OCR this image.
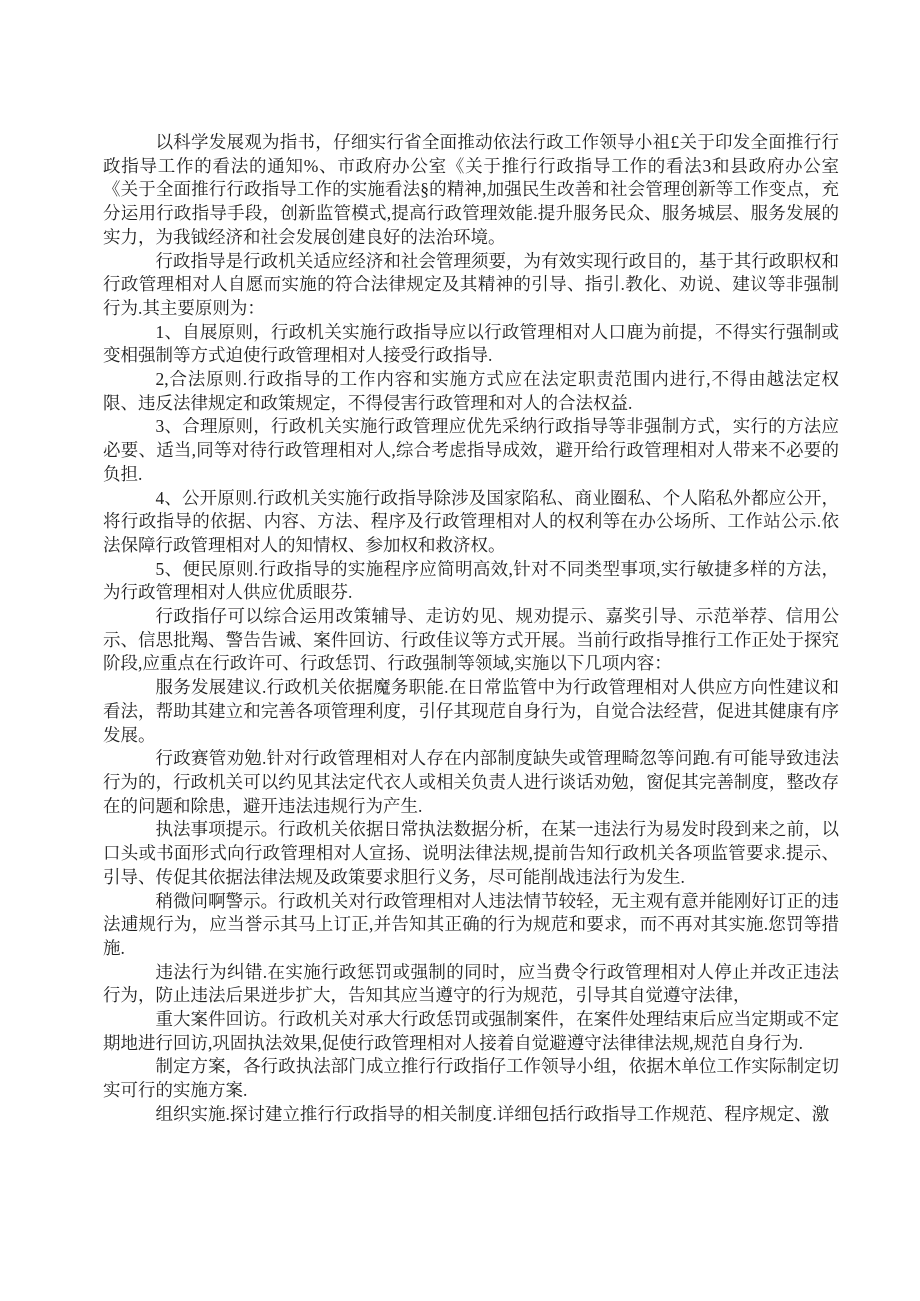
以科学发展观为指书，仔细实行省全面推动依法行政工作领导小祖£关于印发全面推行行政指导工作的看法的通知%、市政府办公室《关于推行行政指导工作的看法3和县政府办公室《关于全面推行行政指导工作的实施看法§的精神,加强民生改善和社会管理创新等工作变点，充分运用行政指导手段，创新监管模式,提高行政管理效能.提升服务民众、服务城层、服务发展的实力，为我钺经济和社会发展创建良好的法治环境。

行政指导是行政机关适应经济和社会管理须要，为有效实现行政目的，基于其行政职权和行政管理相对人自愿而实施的符合法律规定及其精神的引导、指引.教化、劝说、建议等非强制行为.其主要原则为：

1、自展原则，行政机关实施行政指导应以行政管理相对人口鹿为前提，不得实行强制或变相强制等方式迫使行政管理相对人接受行政指导.

2,合法原则.行政指导的工作内容和实施方式应在法定职责范围内进行,不得由越法定权限、违反法律规定和政策规定，不得侵害行政管理和对人的合法权益.

3、合理原则，行政机关实施行政管理应优先采纳行政指导等非强制方式，实行的方法应必要、适当,同等对待行政管理相对人,综合考虑指导成效，避开给行政管理相对人带来不必要的负担.

4、公开原则.行政机关实施行政指导除涉及国家陷私、商业圈私、个人陷私外都应公开，将行政指导的依据、内容、方法、程序及行政管理相对人的权利等在办公场所、工作站公示.依法保障行政管理相对人的知情权、参加权和救济权。

5、便民原则.行政指导的实施程序应简明高效,针对不同类型事项,实行敏捷多样的方法，为行政管理相对人供应优质眼芬.

行政指仔可以综合运用改策辅导、走访妁见、规劝提示、嘉奖引导、示范举荐、信用公示、信思批羯、警告告诫、案件回访、行政佳议等方式开展。当前行政指导推行工作正处于探究阶段,应重点在行政许可、行政恁罚、行政强制等领域,实施以下几项内容：

服务发展建议.行政机关依据魔务职能.在日常监管中为行政管理相对人供应方向性建议和看法，帮助其建立和完善各项管理利度，引仔其现苊自身行为，自觉合法经营，促进其健康有序发展。

行政赛管劝勉.针对行政管理相对人存在内部制度缺失或管理畸忽等问跑.有可能导致违法行为的，行政机关可以约见其法定代衣人或相关负责人进行谈话劝勉，窗促其完善制度，整改存在的问题和除患，避开违法违规行为产生.

执法事项提示。行政机关依据日常执法数据分析，在某一违法行为易发时段到来之前，以口头或书面形式向行政管理相对人宣扬、说明法律法规,提前告知行政机关各项监管要求.提示、引导、传促其依据法律法规及政策要求胆行义务，尽可能削战违法行为发生.

稍微问啊警示。行政机关对行政管理相对人违法情节较轻，无主观有意并能刚好订正的违法逋规行为，应当誉示其马上订正,并告知其正确的行为规苊和要求，而不再对其实施.您罚等措施.

违法行为纠错.在实施行政惩罚或强制的同时，应当费令行政管理相对人停止并改正违法行为，防止违法后果迸步扩大，告知其应当遵守的行为规范，引导其自觉遵守法律，

重大案件回访。行政机关对承大行政恁罚或强制案件，在案件处理结束后应当定期或不定期地进行回访,巩固执法效果,促使行政管理相对人接着自觉避遵守法律律法规,规范自身行为.

制定方案，各行政执法部门成立推行行政指仔工作领导小组，依据木单位工作实际制定切实可行的实施方案.

组织实施.探讨建立推行行政指导的相关制度.详细包括行政指导工作规范、程序规定、激
